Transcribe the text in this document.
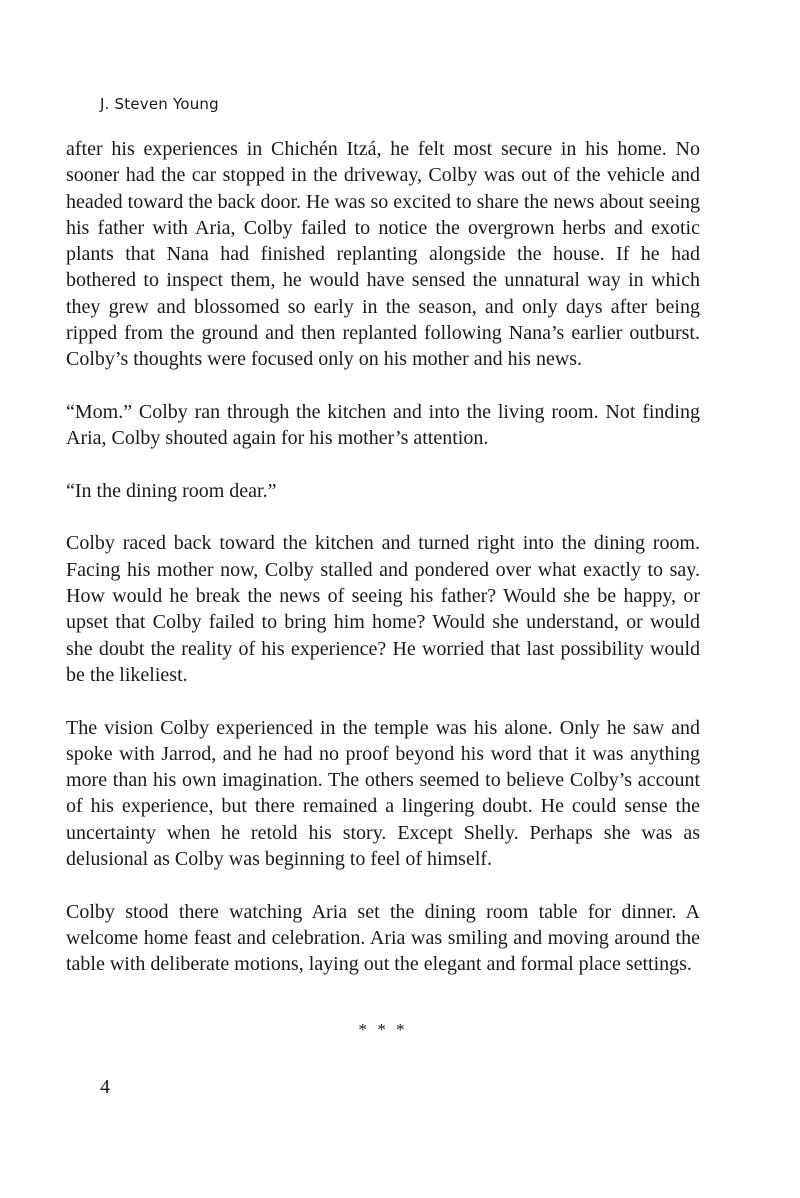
J. Steven Young

after his experiences in Chichén Itzá, he felt most secure in his home. No sooner had the car stopped in the driveway, Colby was out of the vehicle and headed toward the back door. He was so excited to share the news about seeing his father with Aria, Colby failed to notice the overgrown herbs and exotic plants that Nana had finished replanting alongside the house. If he had bothered to inspect them, he would have sensed the unnatural way in which they grew and blossomed so early in the season, and only days after being ripped from the ground and then replanted following Nana’s earlier outburst. Colby’s thoughts were focused only on his mother and his news.

“Mom.” Colby ran through the kitchen and into the living room. Not finding Aria, Colby shouted again for his mother’s attention.

“In the dining room dear.”

Colby raced back toward the kitchen and turned right into the dining room. Facing his mother now, Colby stalled and pondered over what exactly to say. How would he break the news of seeing his father? Would she be happy, or upset that Colby failed to bring him home? Would she understand, or would she doubt the reality of his experience? He worried that last possibility would be the likeliest.

The vision Colby experienced in the temple was his alone. Only he saw and spoke with Jarrod, and he had no proof beyond his word that it was anything more than his own imagination. The others seemed to believe Colby’s account of his experience, but there remained a lingering doubt. He could sense the uncertainty when he retold his story. Except Shelly. Perhaps she was as delusional as Colby was beginning to feel of himself.

Colby stood there watching Aria set the dining room table for dinner. A welcome home feast and celebration. Aria was smiling and moving around the table with deliberate motions, laying out the elegant and formal place settings.

* * *
4
